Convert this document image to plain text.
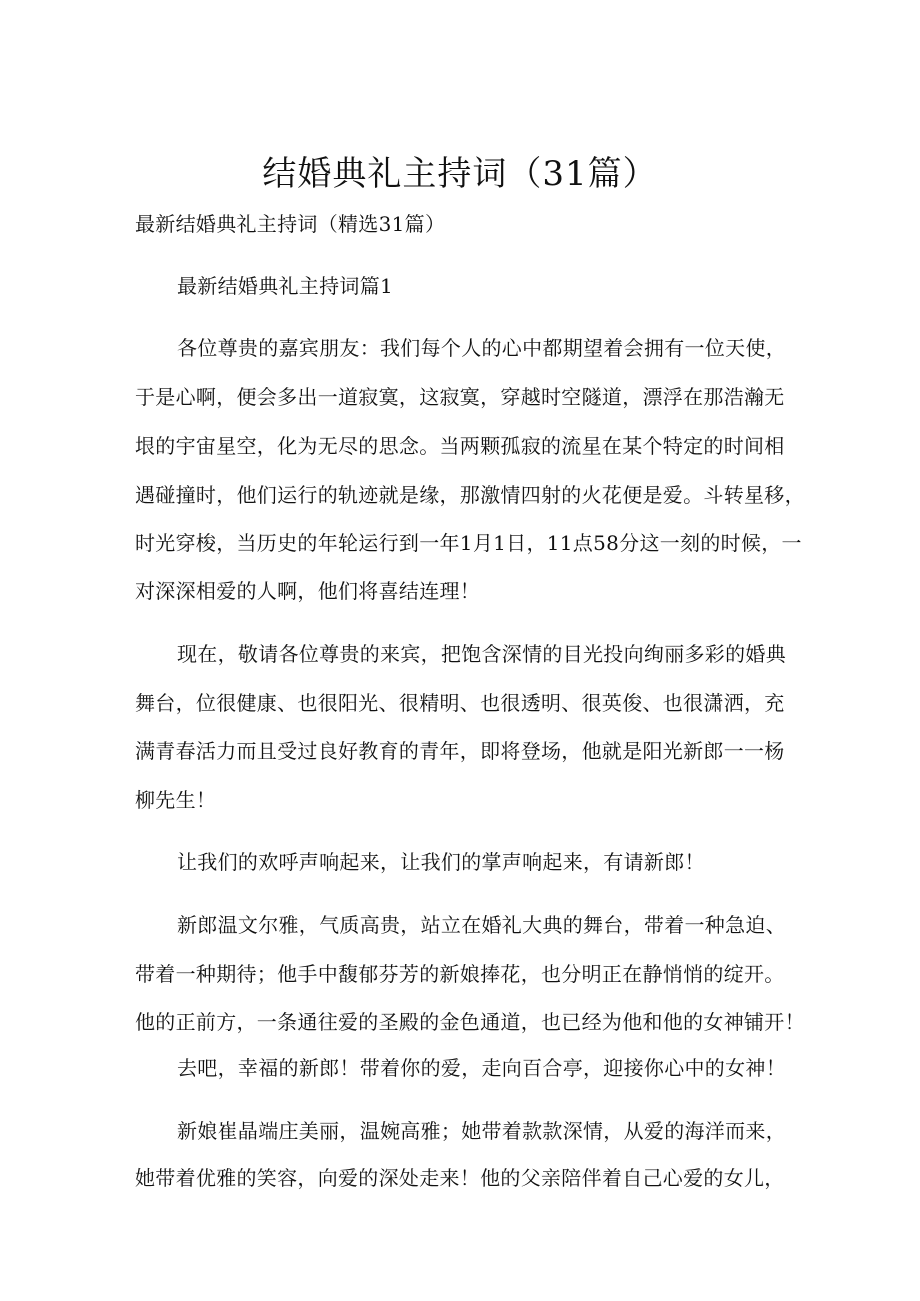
结婚典礼主持词（31篇）
最新结婚典礼主持词（精选31篇）
最新结婚典礼主持词篇1
各位尊贵的嘉宾朋友：我们每个人的心中都期望着会拥有一位天使，
于是心啊，便会多出一道寂寞，这寂寞，穿越时空隧道，漂浮在那浩瀚无
垠的宇宙星空，化为无尽的思念。当两颗孤寂的流星在某个特定的时间相
遇碰撞时，他们运行的轨迹就是缘，那激情四射的火花便是爱。斗转星移，
时光穿梭，当历史的年轮运行到一年1月1日，11点58分这一刻的时候，一
对深深相爱的人啊，他们将喜结连理！
现在，敬请各位尊贵的来宾，把饱含深情的目光投向绚丽多彩的婚典
舞台，位很健康、也很阳光、很精明、也很透明、很英俊、也很潇洒，充
满青春活力而且受过良好教育的青年，即将登场，他就是阳光新郎一一杨
柳先生！
让我们的欢呼声响起来，让我们的掌声响起来，有请新郎！
新郎温文尔雅，气质高贵，站立在婚礼大典的舞台，带着一种急迫、
带着一种期待；他手中馥郁芬芳的新娘捧花，也分明正在静悄悄的绽开。
他的正前方，一条通往爱的圣殿的金色通道，也已经为他和他的女神铺开！
去吧，幸福的新郎！带着你的爱，走向百合亭，迎接你心中的女神！
新娘崔晶端庄美丽，温婉高雅；她带着款款深情，从爱的海洋而来，
她带着优雅的笑容，向爱的深处走来！他的父亲陪伴着自己心爱的女儿，
